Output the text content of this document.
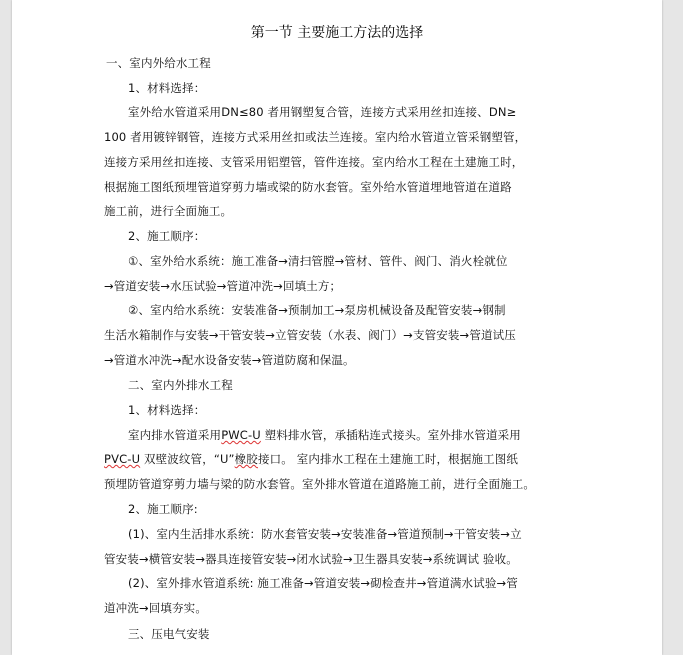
第一节 主要施工方法的选择
一、室内外给水工程
1、材料选择：
室外给水管道采用DN≤80 者用钢塑复合管，连接方式采用丝扣连接、DN≥
100 者用镀锌钢管，连接方式采用丝扣或法兰连接。室内给水管道立管采钢塑管，
连接方采用丝扣连接、支管采用铝塑管，管件连接。室内给水工程在土建施工时，
根据施工图纸预埋管道穿剪力墙或梁的防水套管。室外给水管道埋地管道在道路
施工前，进行全面施工。
2、施工顺序：
①、室外给水系统：施工准备→清扫管膛→管材、管件、阀门、消火栓就位
→管道安装→水压试验→管道冲洗→回填土方；
②、室内给水系统：安装准备→预制加工→泵房机械设备及配管安装→钢制
生活水箱制作与安装→干管安装→立管安装（水表、阀门）→支管安装→管道试压
→管道水冲洗→配水设备安装→管道防腐和保温。
二、室内外排水工程
1、材料选择：
室内排水管道采用PWC-U 塑料排水管，承插粘连式接头。室外排水管道采用
PVC-U 双壁波纹管，“U”橡胶接口。 室内排水工程在土建施工时，根据施工图纸
预埋防管道穿剪力墙与梁的防水套管。室外排水管道在道路施工前，进行全面施工。
2、施工顺序:
(1)、室内生活排水系统：防水套管安装→安装准备→管道预制→干管安装→立
管安装→横管安装→器具连接管安装→闭水试验→卫生器具安装→系统调试 验收。
(2)、室外排水管道系统: 施工准备→管道安装→砌检查井→管道满水试验→管
道冲洗→回填夯实。
三、压电气安装
